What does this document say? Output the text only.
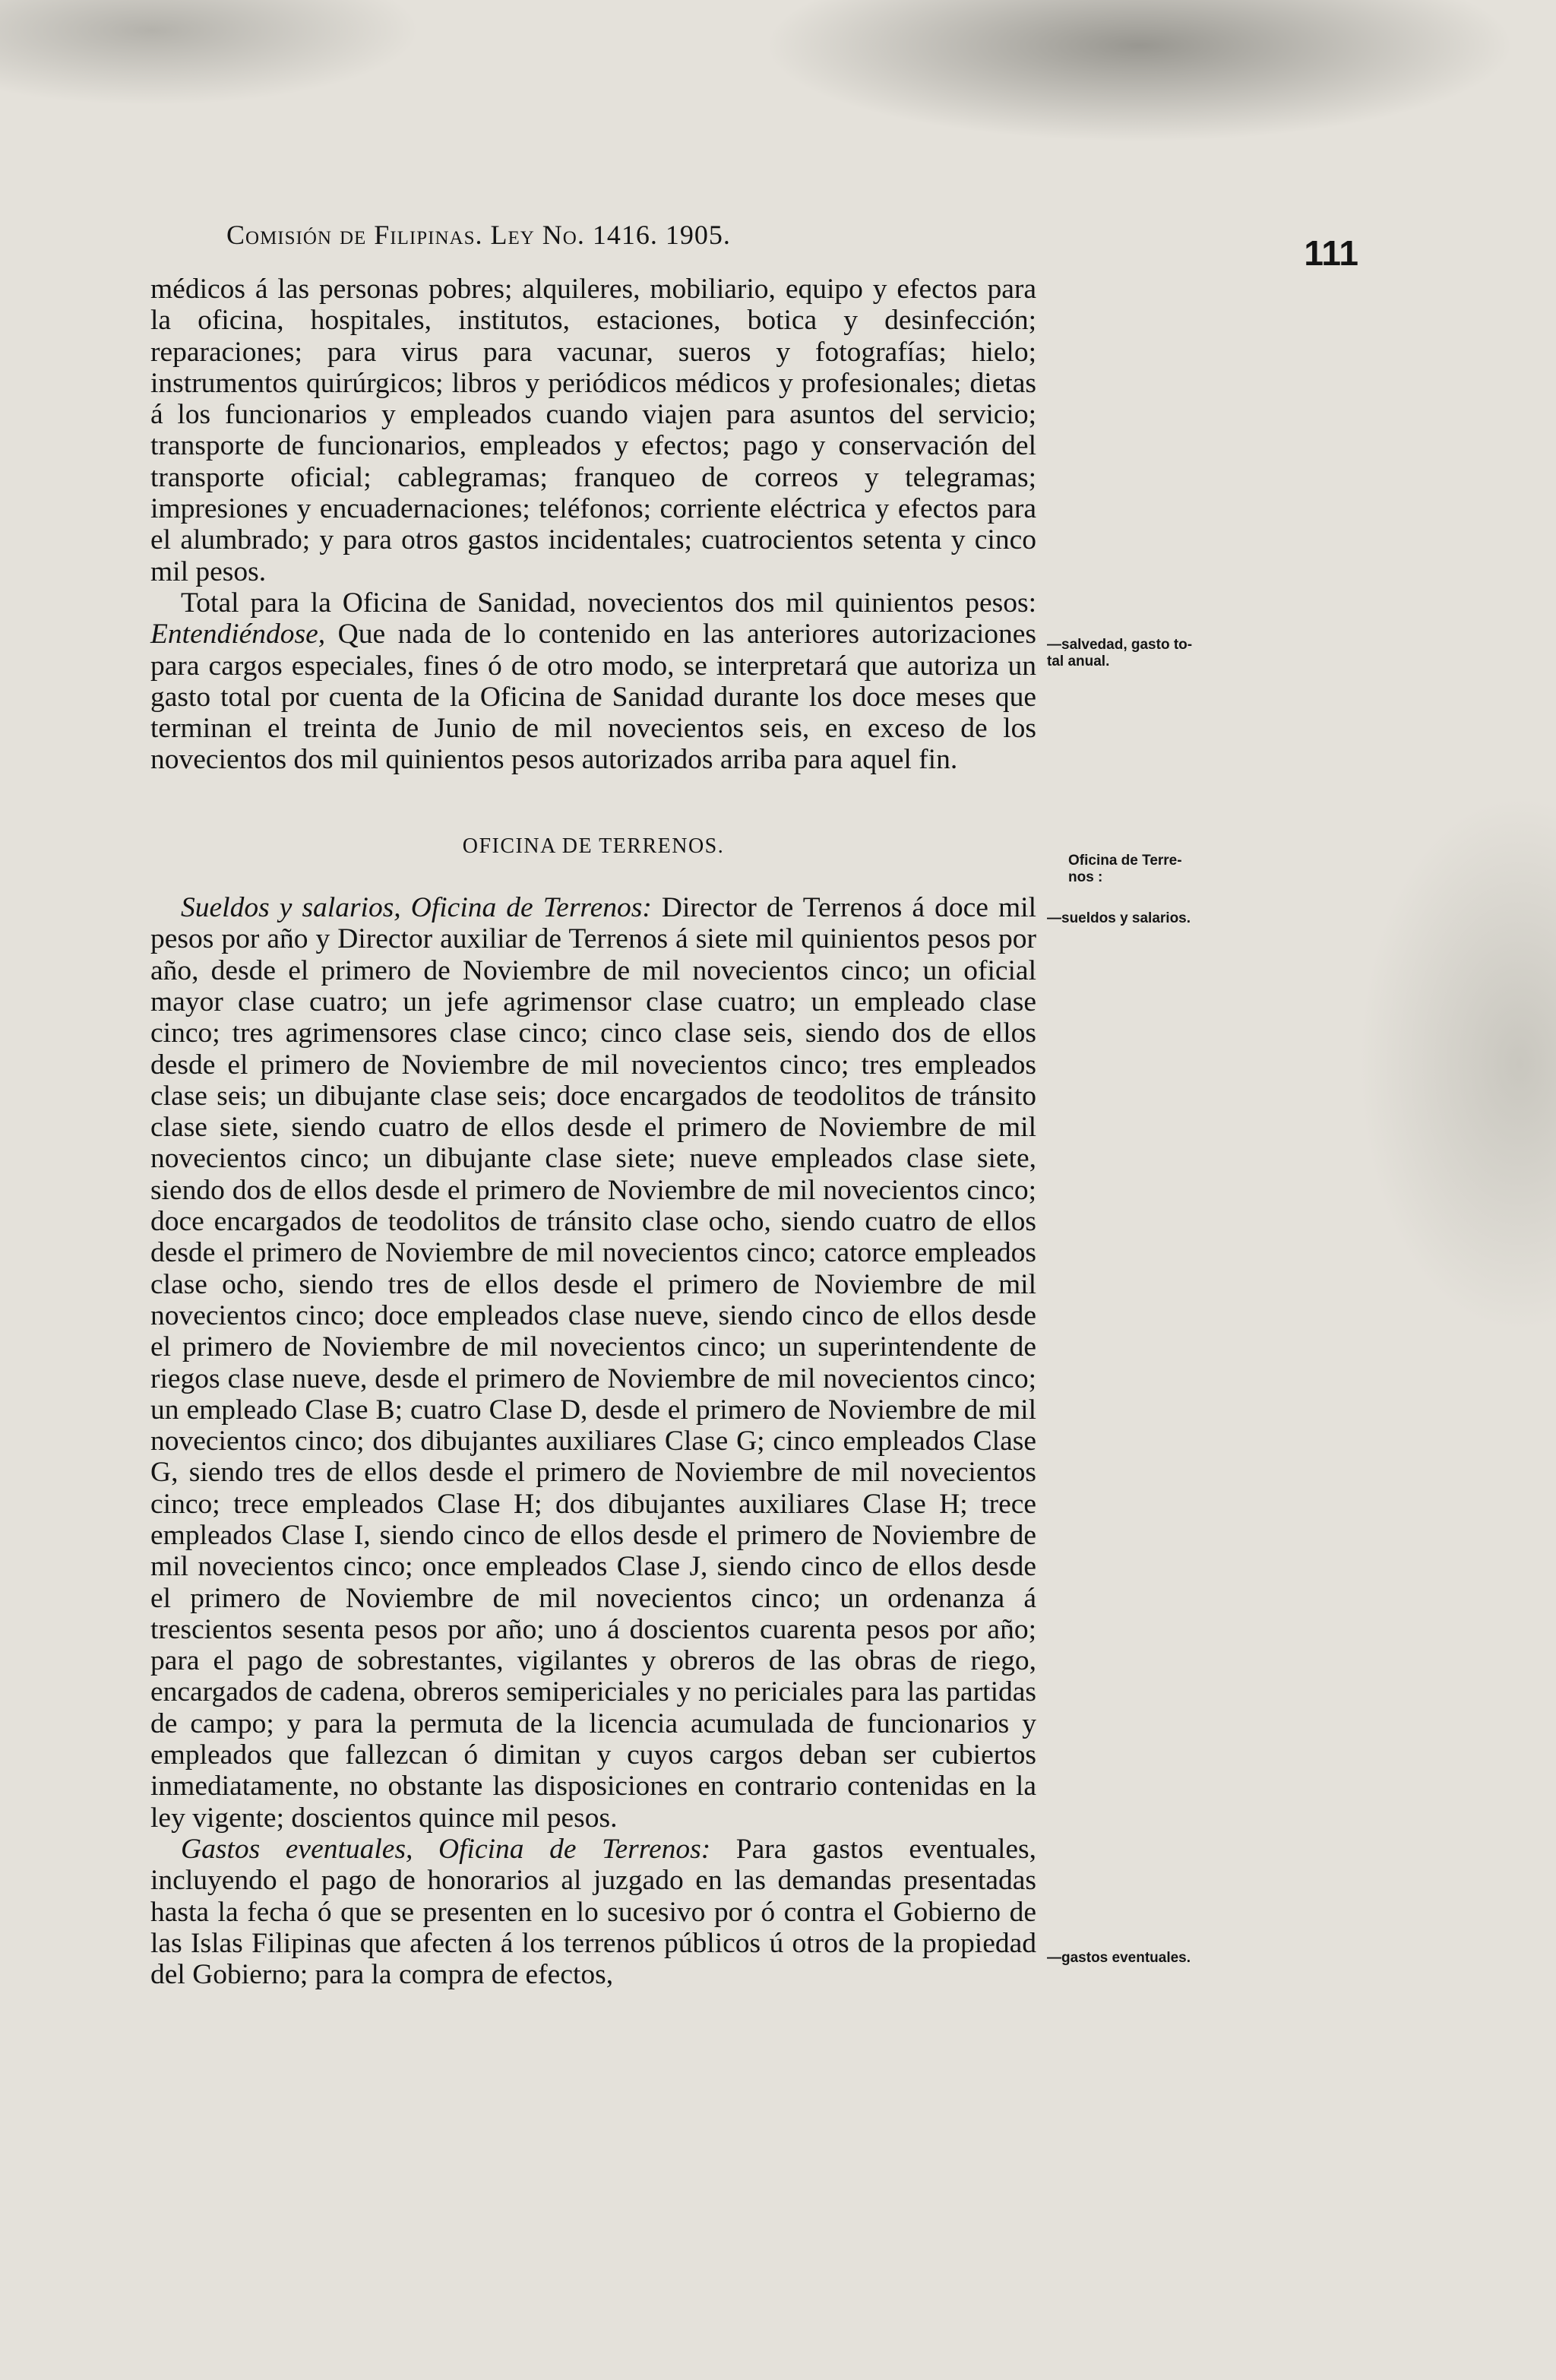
Comisión de Filipinas. Ley No. 1416. 1905.	111

médicos á las personas pobres; alquileres, mobiliario, equipo y efectos para la oficina, hospitales, institutos, estaciones, botica y desinfección; reparaciones; para virus para vacunar, sueros y fotografías; hielo; instrumentos quirúrgicos; libros y periódicos médicos y profesionales; dietas á los funcionarios y empleados cuando viajen para asuntos del servicio; transporte de funcionarios, empleados y efectos; pago y conservación del transporte oficial; cablegramas; franqueo de correos y telegramas; impresiones y encuadernaciones; teléfonos; corriente eléctrica y efectos para el alumbrado; y para otros gastos incidentales; cuatrocientos setenta y cinco mil pesos.

Total para la Oficina de Sanidad, novecientos dos mil quinientos pesos: Entendiéndose, Que nada de lo contenido en las anteriores autorizaciones para cargos especiales, fines ó de otro modo, se interpretará que autoriza un gasto total por cuenta de la Oficina de Sanidad durante los doce meses que terminan el treinta de Junio de mil novecientos seis, en exceso de los novecientos dos mil quinientos pesos autorizados arriba para aquel fin.

OFICINA DE TERRENOS.

Sueldos y salarios, Oficina de Terrenos: Director de Terrenos á doce mil pesos por año y Director auxiliar de Terrenos á siete mil quinientos pesos por año, desde el primero de Noviembre de mil novecientos cinco; un oficial mayor clase cuatro; un jefe agrimensor clase cuatro; un empleado clase cinco; tres agrimensores clase cinco; cinco clase seis, siendo dos de ellos desde el primero de Noviembre de mil novecientos cinco; tres empleados clase seis; un dibujante clase seis; doce encargados de teodolitos de tránsito clase siete, siendo cuatro de ellos desde el primero de Noviembre de mil novecientos cinco; un dibujante clase siete; nueve empleados clase siete, siendo dos de ellos desde el primero de Noviembre de mil novecientos cinco; doce encargados de teodolitos de tránsito clase ocho, siendo cuatro de ellos desde el primero de Noviembre de mil novecientos cinco; catorce empleados clase ocho, siendo tres de ellos desde el primero de Noviembre de mil novecientos cinco; doce empleados clase nueve, siendo cinco de ellos desde el primero de Noviembre de mil novecientos cinco; un superintendente de riegos clase nueve, desde el primero de Noviembre de mil novecientos cinco; un empleado Clase B; cuatro Clase D, desde el primero de Noviembre de mil novecientos cinco; dos dibujantes auxiliares Clase G; cinco empleados Clase G, siendo tres de ellos desde el primero de Noviembre de mil novecientos cinco; trece empleados Clase H; dos dibujantes auxiliares Clase H; trece empleados Clase I, siendo cinco de ellos desde el primero de Noviembre de mil novecientos cinco; once empleados Clase J, siendo cinco de ellos desde el primero de Noviembre de mil novecientos cinco; un ordenanza á trescientos sesenta pesos por año; uno á doscientos cuarenta pesos por año; para el pago de sobrestantes, vigilantes y obreros de las obras de riego, encargados de cadena, obreros semipericiales y no periciales para las partidas de campo; y para la permuta de la licencia acumulada de funcionarios y empleados que fallezcan ó dimitan y cuyos cargos deban ser cubiertos inmediatamente, no obstante las disposiciones en contrario contenidas en la ley vigente; doscientos quince mil pesos.

Gastos eventuales, Oficina de Terrenos: Para gastos eventuales, incluyendo el pago de honorarios al juzgado en las demandas presentadas hasta la fecha ó que se presenten en lo sucesivo por ó contra el Gobierno de las Islas Filipinas que afecten á los terrenos públicos ú otros de la propiedad del Gobierno; para la compra de efectos,

—salvedad, gasto to-
tal anual.
Oficina de Terre-
nos :
—sueldos y salarios.
—gastos eventuales.
